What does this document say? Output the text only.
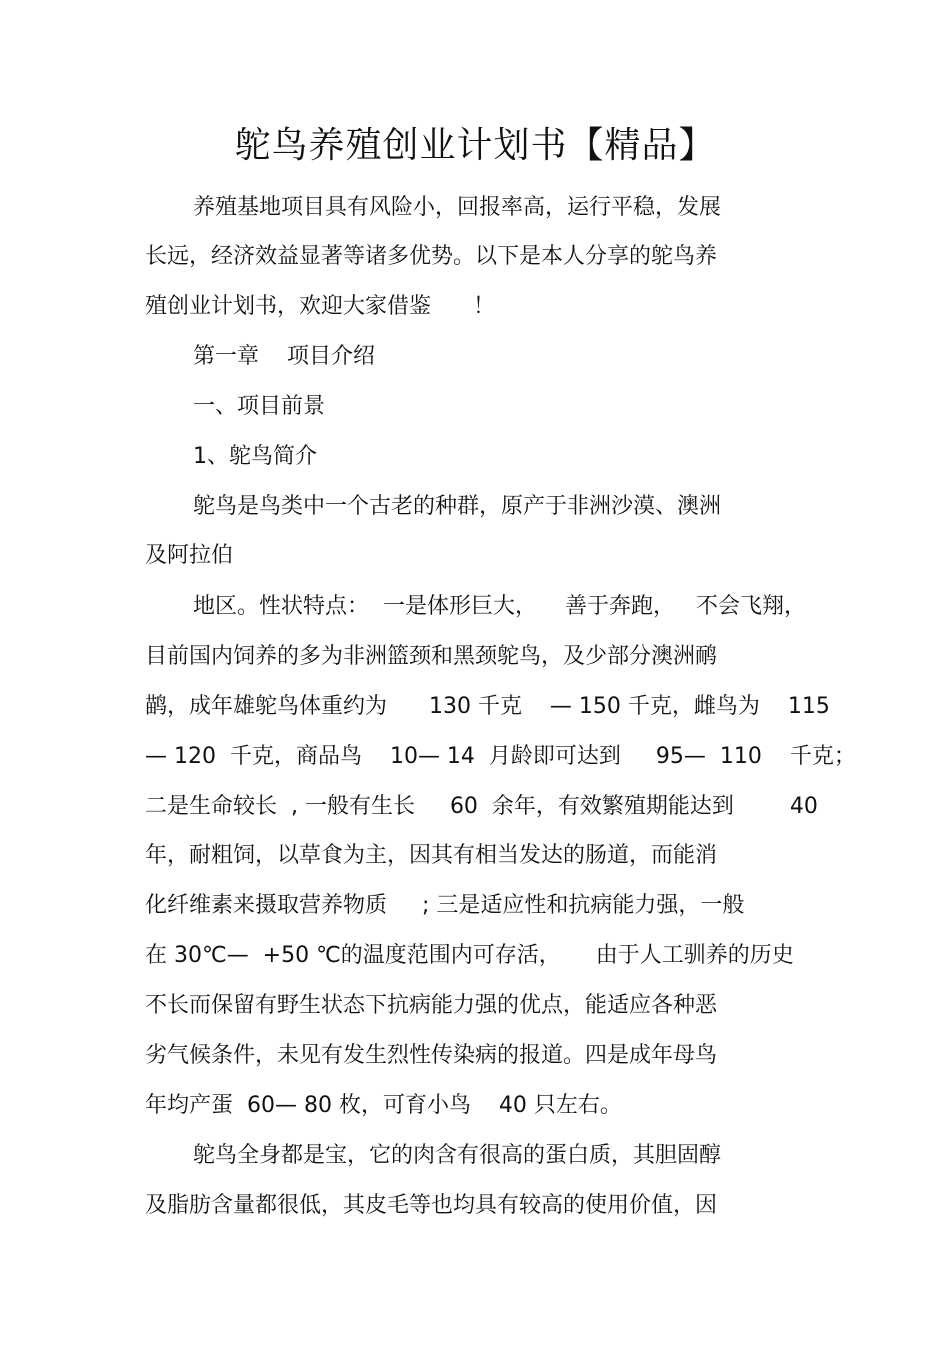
鸵鸟养殖创业计划书【精品】

养殖基地项目具有风险小，回报率高，运行平稳，发展

长远，经济效益显著等诸多优势。以下是本人分享的鸵鸟养

殖创业计划书，欢迎大家借鉴      ！

第一章    项目介绍

一、项目前景

1、鸵鸟简介

鸵鸟是鸟类中一个古老的种群，原产于非洲沙漠、澳洲

及阿拉伯

地区。性状特点：  一是体形巨大，    善于奔跑，   不会飞翔，

目前国内饲养的多为非洲篮颈和黑颈鸵鸟，及少部分澳洲鸸

鹋，成年雄鸵鸟体重约为      130 千克    — 150 千克，雌鸟为    115

— 120  千克，商品鸟    10— 14  月龄即可达到     95—  110    千克；

二是生命较长  , 一般有生长     60  余年，有效繁殖期能达到        40

年，耐粗饲，以草食为主，因其有相当发达的肠道，而能消

化纤维素来摄取营养物质     ; 三是适应性和抗病能力强，一般

在 30℃—  +50 ℃的温度范围内可存活，     由于人工驯养的历史

不长而保留有野生状态下抗病能力强的优点，能适应各种恶

劣气候条件，未见有发生烈性传染病的报道。四是成年母鸟

年均产蛋  60— 80 枚，可育小鸟    40 只左右。

鸵鸟全身都是宝，它的肉含有很高的蛋白质，其胆固醇

及脂肪含量都很低，其皮毛等也均具有较高的使用价值，因
